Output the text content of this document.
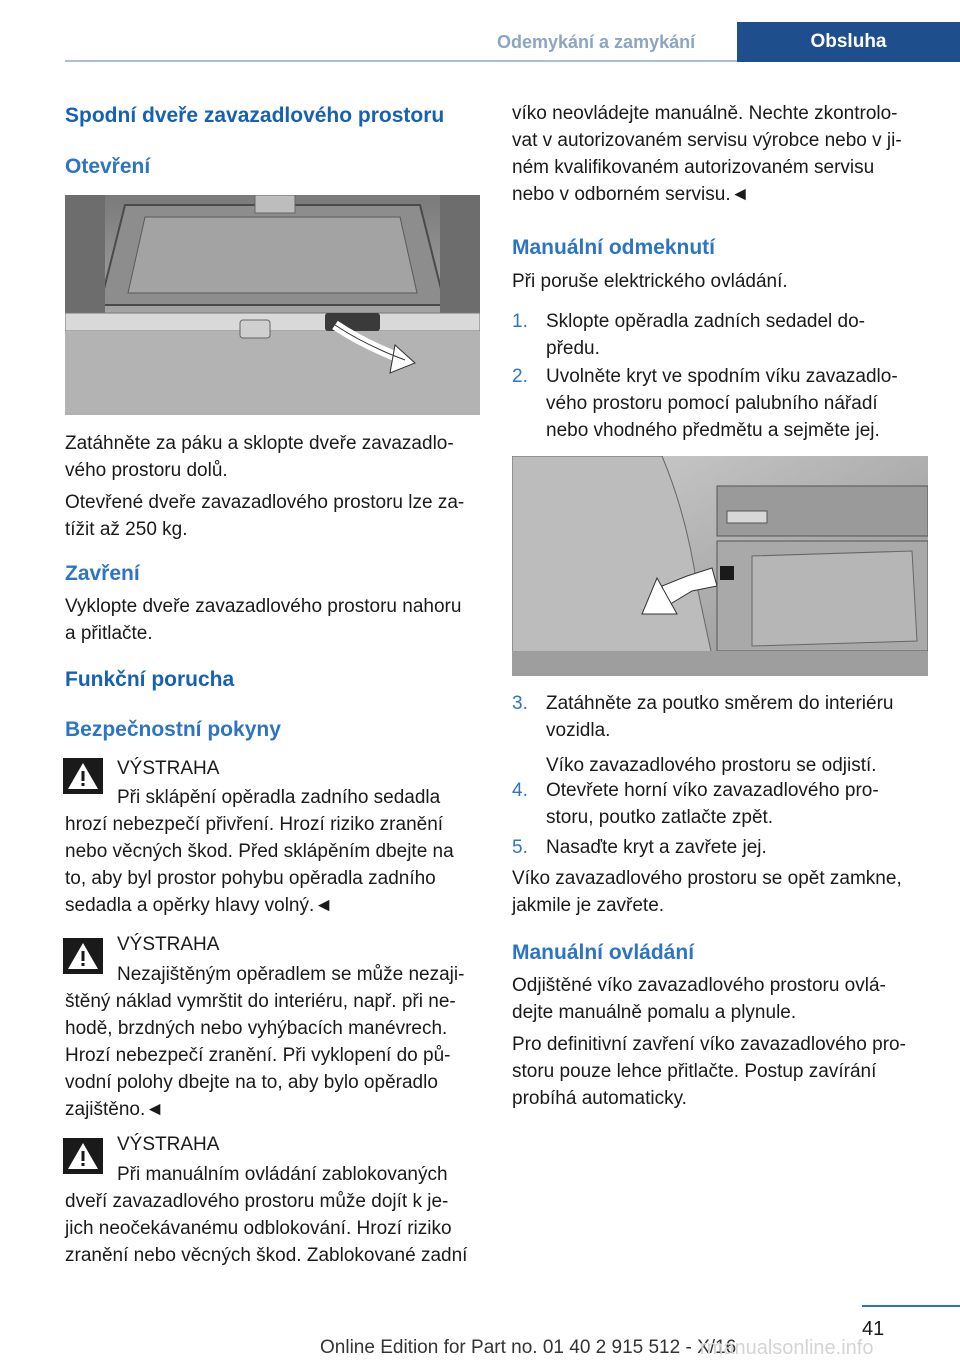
Odemykání a zamykání	Obsluha
Spodní dveře zavazadlového prostoru
Otevření

Zatáhněte za páku a sklopte dveře zavazadlo-

vého prostoru dolů.

Otevřené dveře zavazadlového prostoru lze za-

tížit až 250 kg.

Zavření

Vyklopte dveře zavazadlového prostoru nahoru

a přitlačte.

Funkční porucha
Bezpečnostní pokyny
VÝSTRAHA

Při sklápění opěradla zadního sedadla

hrozí nebezpečí přivření. Hrozí riziko zranění

nebo věcných škod. Před sklápěním dbejte na

to, aby byl prostor pohybu opěradla zadního

sedadla a opěrky hlavy volný.◄

VÝSTRAHA

Nezajištěným opěradlem se může nezaji-

štěný náklad vymrštit do interiéru, např. při ne-

hodě, brzdných nebo vyhýbacích manévrech.

Hrozí nebezpečí zranění. Při vyklopení do pů-

vodní polohy dbejte na to, aby bylo opěradlo

zajištěno.◄

VÝSTRAHA

Při manuálním ovládání zablokovaných

dveří zavazadlového prostoru může dojít k je-

jich neočekávanému odblokování. Hrozí riziko

zranění nebo věcných škod. Zablokované zadní

víko neovládejte manuálně. Nechte zkontrolo-

vat v autorizovaném servisu výrobce nebo v ji-

ném kvalifikovaném autorizovaném servisu

nebo v odborném servisu.◄

Manuální odmeknutí
Při poruše elektrického ovládání.
1. Sklopte opěradla zadních sedadel do-
předu.
2. Uvolněte kryt ve spodním víku zavazadlo-
vého prostoru pomocí palubního nářadí
nebo vhodného předmětu a sejměte jej.
3. Zatáhněte za poutko směrem do interiéru
vozidla.
Víko zavazadlového prostoru se odjistí.
4. Otevřete horní víko zavazadlového pro-
storu, poutko zatlačte zpět.
5. Nasaďte kryt a zavřete jej.

Víko zavazadlového prostoru se opět zamkne,

jakmile je zavřete.

Manuální ovládání

Odjištěné víko zavazadlového prostoru ovlá-

dejte manuálně pomalu a plynule.

Pro definitivní zavření víko zavazadlového pro-

storu pouze lehce přitlačte. Postup zavírání

probíhá automaticky.

41
Online Edition for Part no. 01 40 2 915 512 - X/16
rmanualsonline.info
